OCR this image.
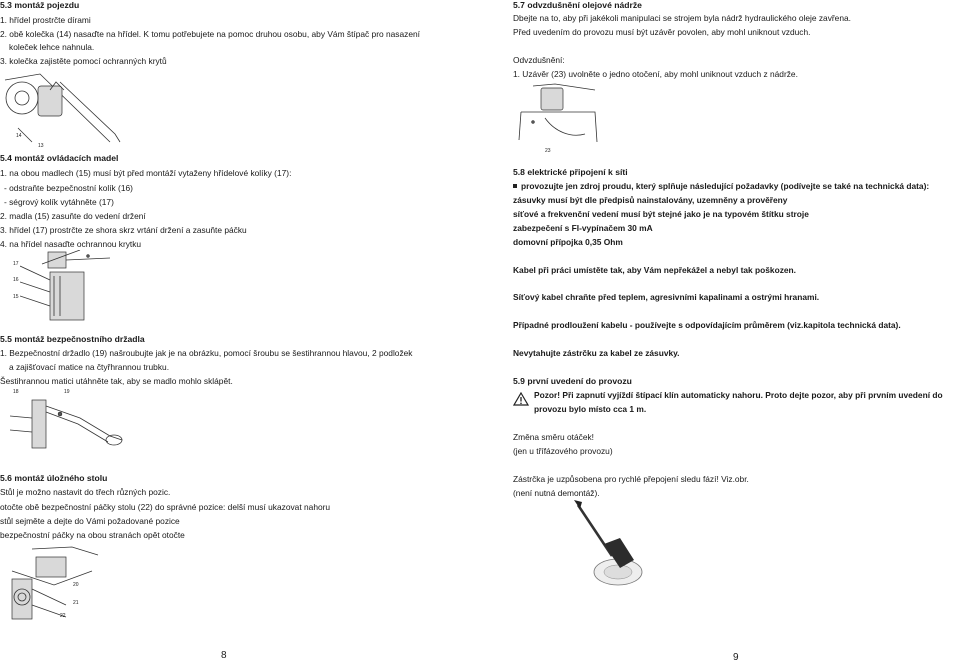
5.3 montáž pojezdu
1. hřídel prostrčte dírami
2. obě kolečka (14) nasaďte na hřídel. K tomu potřebujete na pomoc druhou osobu, aby Vám štípač pro nasazení
koleček lehce nahnula.
3. kolečka zajistěte pomocí ochranných krytů
14
13
5.4 montáž ovládacích madel
1. na obou madlech (15) musí být před montáží vytaženy hřídelové kolíky (17):
- odstraňte bezpečnostní kolík (16)
- ségrový kolík vytáhněte (17)
2. madla (15) zasuňte do vedení držení
3. hřídel (17) prostrčte ze shora skrz vrtání držení a zasuňte páčku
4. na hřídel nasaďte ochrannou krytku
17
16
15
5.5 montáž bezpečnostního držadla
1. Bezpečnostní držadlo (19) našroubujte jak je na obrázku, pomocí šroubu se šestihrannou hlavou, 2 podložek
a zajišťovací matice na čtyřhrannou trubku.
Šestihrannou matici utáhněte tak, aby se madlo mohlo sklápět.
18	19
5.6 montáž úložného stolu
Stůl je možno nastavit do třech různých pozic.
otočte obě bezpečnostní páčky stolu (22) do správné pozice: delší musí ukazovat nahoru
stůl sejměte a dejte do Vámi požadované pozice
bezpečnostní páčky na obou stranách opět otočte
20
21
22
8
5.7 odvzdušnění olejové nádrže
Dbejte na to, aby při jakékoli manipulaci se strojem byla nádrž hydraulického oleje zavřena.
Před uvedením do provozu musí být uzávěr povolen, aby mohl uniknout vzduch.
Odvzdušnění:
1. Uzávěr (23) uvolněte o jedno otočení, aby mohl uniknout vzduch z nádrže.
23
5.8 elektrické připojení k síti
provozujte jen zdroj proudu, který splňuje následující požadavky (podívejte se také na technická data):
zásuvky musí být dle předpisů nainstalovány, uzemněny a prověřeny
síťové a frekvenční vedení musí být stejné jako je na typovém štítku stroje
zabezpečení s FI-vypínačem 30 mA
domovní přípojka 0,35 Ohm
Kabel při práci umístěte tak, aby Vám nepřekážel a nebyl tak poškozen.
Síťový kabel chraňte před teplem, agresivními kapalinami a ostrými hranami.
Případné prodloužení kabelu - používejte s odpovídajícím průměrem (viz.kapitola technická data).
Nevytahujte zástrčku za kabel ze zásuvky.
5.9 první uvedení do provozu
Pozor! Při zapnutí vyjíždí štípací klín automaticky nahoru. Proto dejte pozor, aby při prvním uvedení do
provozu bylo místo cca 1 m.
Změna směru otáček!
(jen u třífázového provozu)
Zástrčka je uzpůsobena pro rychlé přepojení sledu fází! Viz.obr.
(není nutná demontáž).
9
